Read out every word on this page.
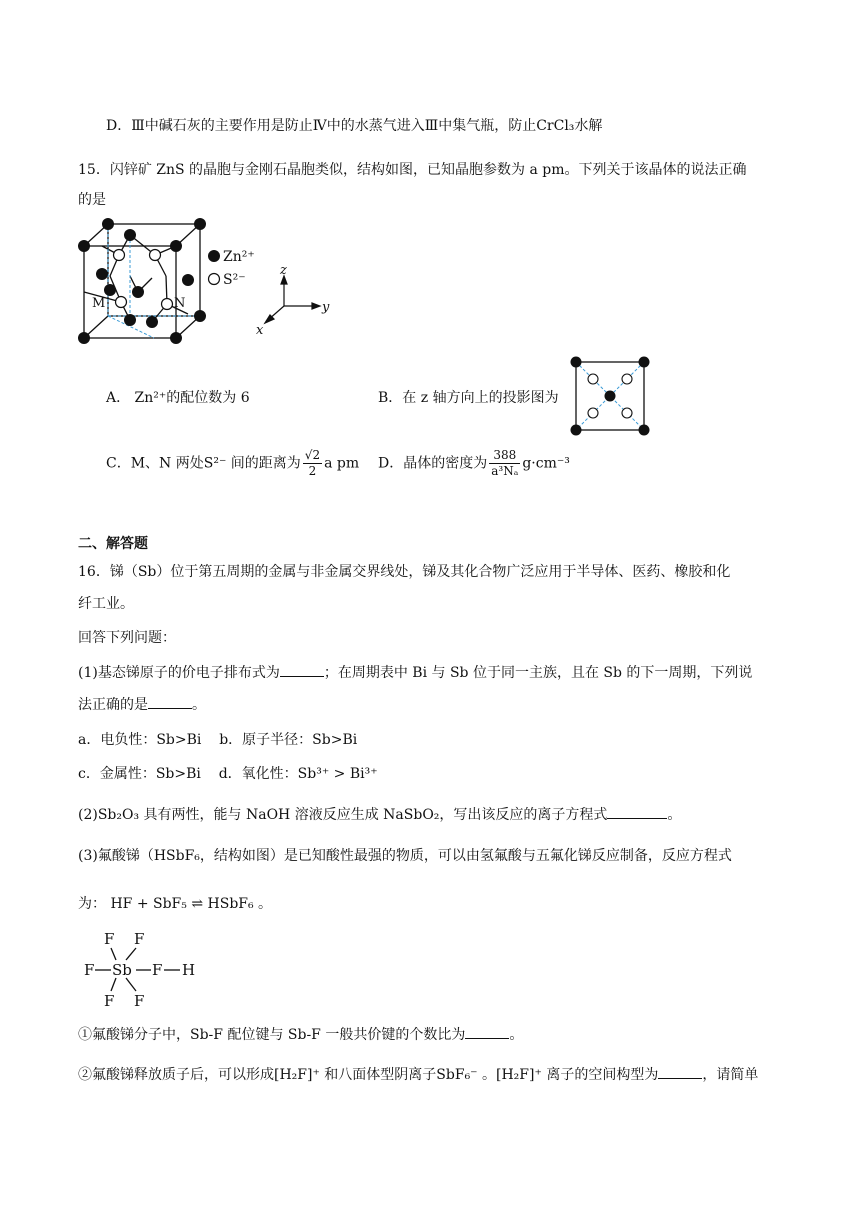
D．Ⅲ中碱石灰的主要作用是防止Ⅳ中的水蒸气进入Ⅲ中集气瓶，防止CrCl₃水解
15．闪锌矿 ZnS 的晶胞与金刚石晶胞类似，结构如图，已知晶胞参数为 a pm。下列关于该晶体的说法正确
的是
M	N
Zn²⁺
S²⁻
z
y
x
A． Zn²⁺的配位数为 6	B．在 z 轴方向上的投影图为
C．M、N 两处S²⁻ 间的距离为 $\frac{√2}{2}$ a pm D．晶体的密度为 $\frac{388}{\text{a³Nₐ}} g\cdot cm^{-3}$
二、解答题
16．锑（Sb）位于第五周期的金属与非金属交界线处，锑及其化合物广泛应用于半导体、医药、橡胶和化
纤工业。
回答下列问题：
(1)基态锑原子的价电子排布式为	；在周期表中 Bi 与 Sb 位于同一主族，且在 Sb 的下一周期，下列说
法正确的是	。
a．电负性：Sb>Bi    b．原子半径：Sb>Bi
c．金属性：Sb>Bi    d．氧化性：Sb³⁺ > Bi³⁺
(2)Sb₂O₃ 具有两性，能与 NaOH 溶液反应生成 NaSbO₂，写出该反应的离子方程式	。
(3)氟酸锑（HSbF₆，结构如图）是已知酸性最强的物质，可以由氢氟酸与五氟化锑反应制备，反应方程式
为： HF + SbF₅ ⇌ HSbF₆ 。
F F
F Sb F H
F F
①氟酸锑分子中，Sb-F 配位键与 Sb-F 一般共价键的个数比为	。
②氟酸锑释放质子后，可以形成[H₂F]⁺ 和八面体型阴离子SbF₆⁻ 。[H₂F]⁺ 离子的空间构型为	，请简单
